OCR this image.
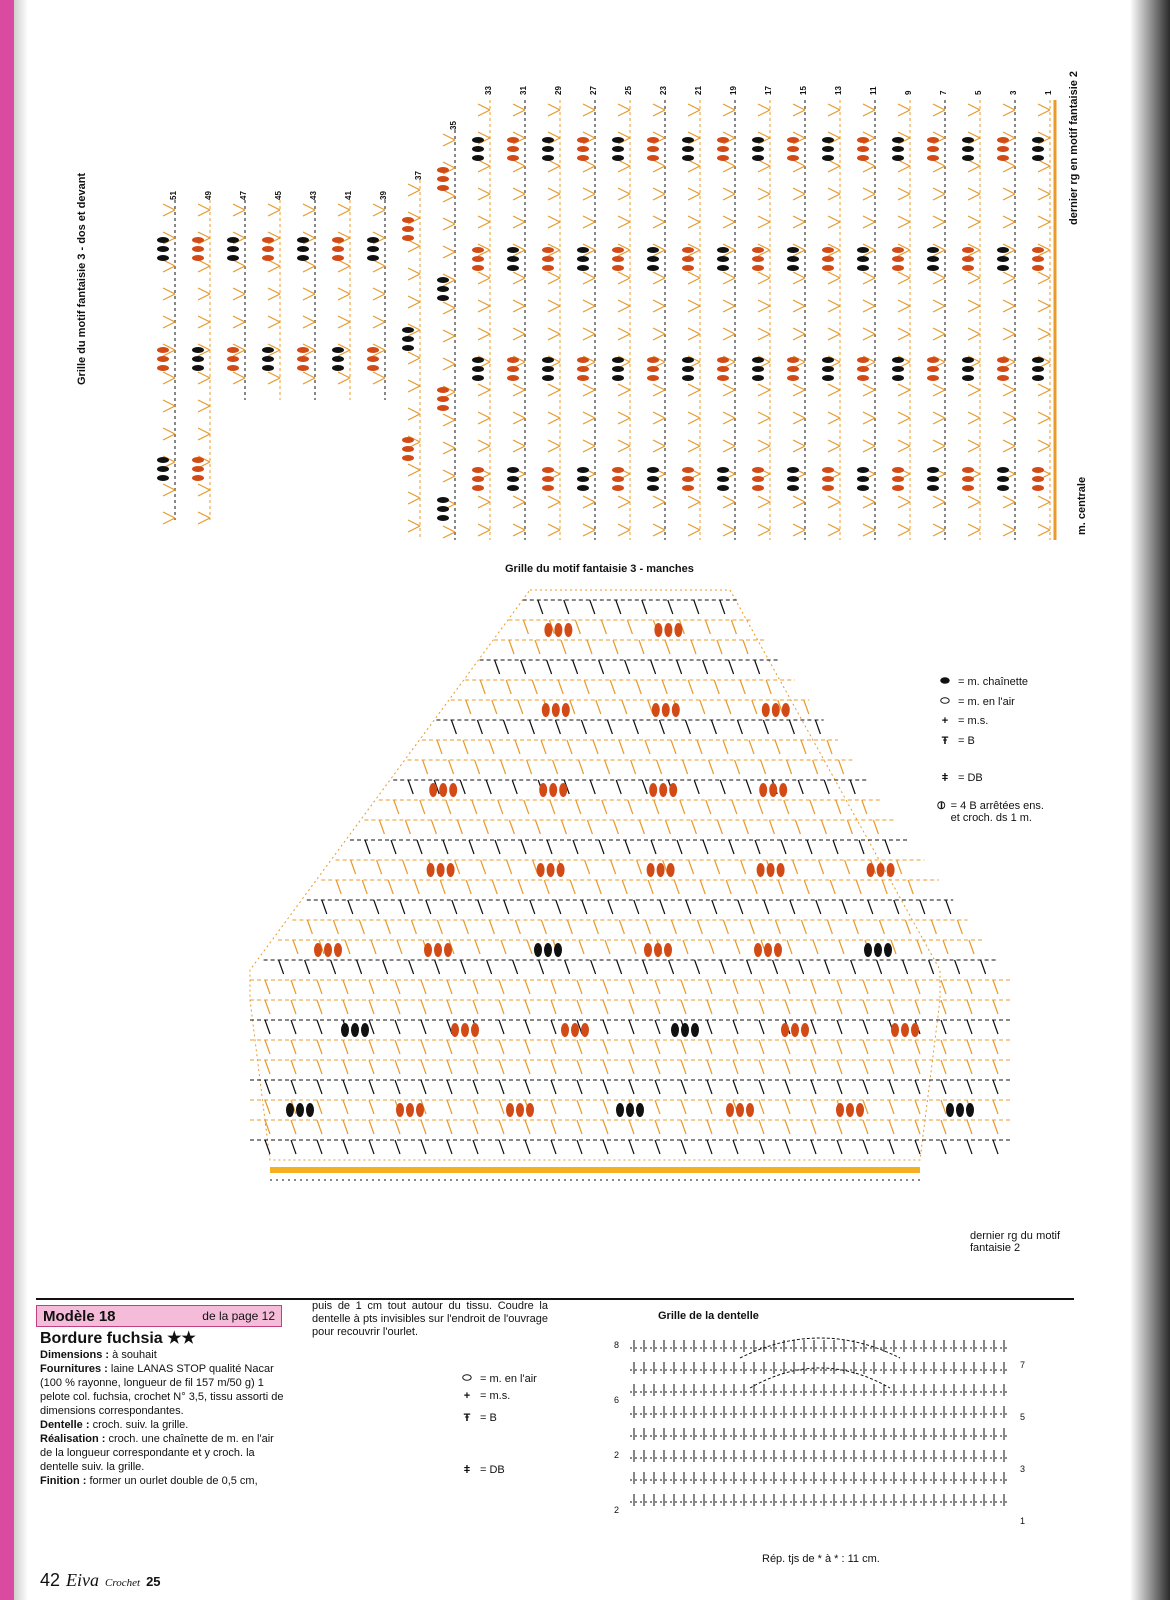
Grille du motif fantaisie 3 - dos et devant
dernier rg en motif fantaisie 2
m. centrale
1
3
5
7
9
11
13
15
17
19
21
23
25
27
29
31
33
35
37
39
41
43
45
47
49
51
Grille du motif fantaisie 3 - manches
dernier rg du motif fantaisie 2
⬬ = m. chaînette
⬭ = m. en l'air
+ = m.s.
Ŧ = B
ǂ = DB
⦶ = 4 B arrêtées ens. et croch. ds 1 m.
Modèle 18	de la page 12
Bordure fuchsia ★★
Dimensions : à souhait
Fournitures : laine LANAS STOP qualité Nacar (100 % rayonne, longueur de fil 157 m/50 g) 1 pelote col. fuchsia, crochet N° 3,5, tissu assorti de dimensions correspondantes.
Dentelle : croch. suiv. la grille.
Réalisation : croch. une chaînette de m. en l'air de la longueur correspondante et y croch. la dentelle suiv. la grille.
Finition : former un ourlet double de 0,5 cm,
puis de 1 cm tout autour du tissu. Coudre la dentelle à pts invisibles sur l'endroit de l'ouvrage pour recouvrir l'ourlet.
⬭ = m. en l'air
+ = m.s.
Ŧ = B
ǂ = DB
Grille de la dentelle
8
6
2
2
7
5
3
1
Rép. tjs de * à * : 11 cm.
42 Eiva Crochet 25
